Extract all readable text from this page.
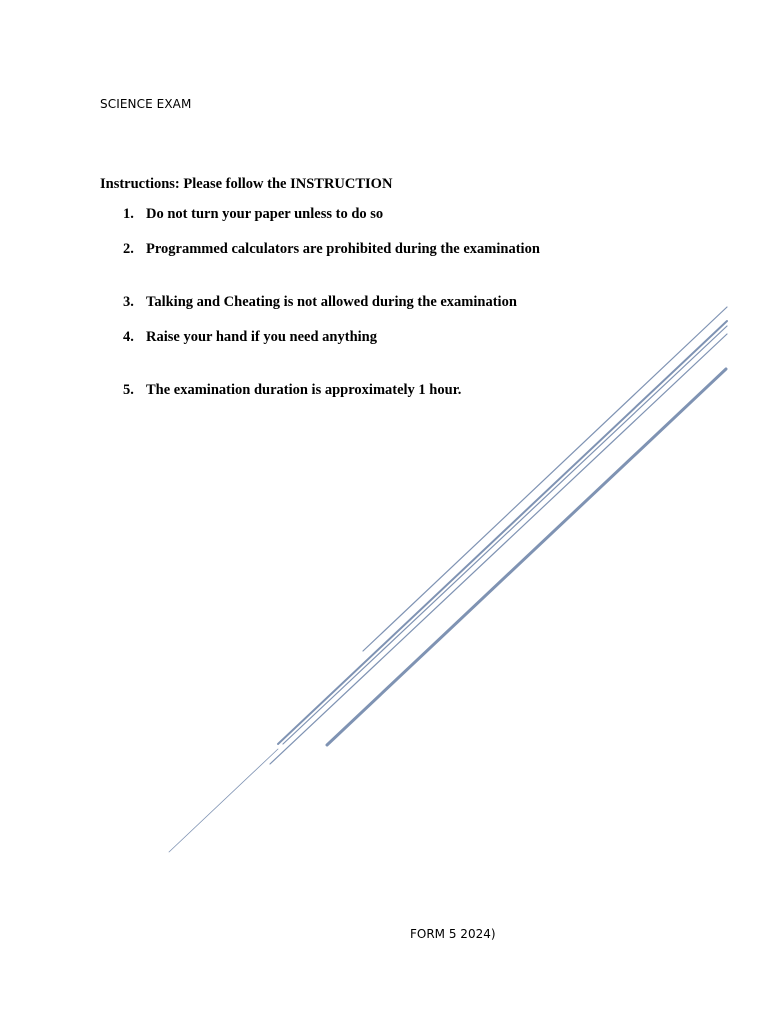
SCIENCE EXAM
Instructions: Please follow the INSTRUCTION
1. Do not turn your paper unless to do so
2. Programmed calculators are prohibited during the examination
3. Talking and Cheating is not allowed during the examination
4. Raise your hand if you need anything
5. The examination duration is approximately 1 hour.
FORM 5 2024)
